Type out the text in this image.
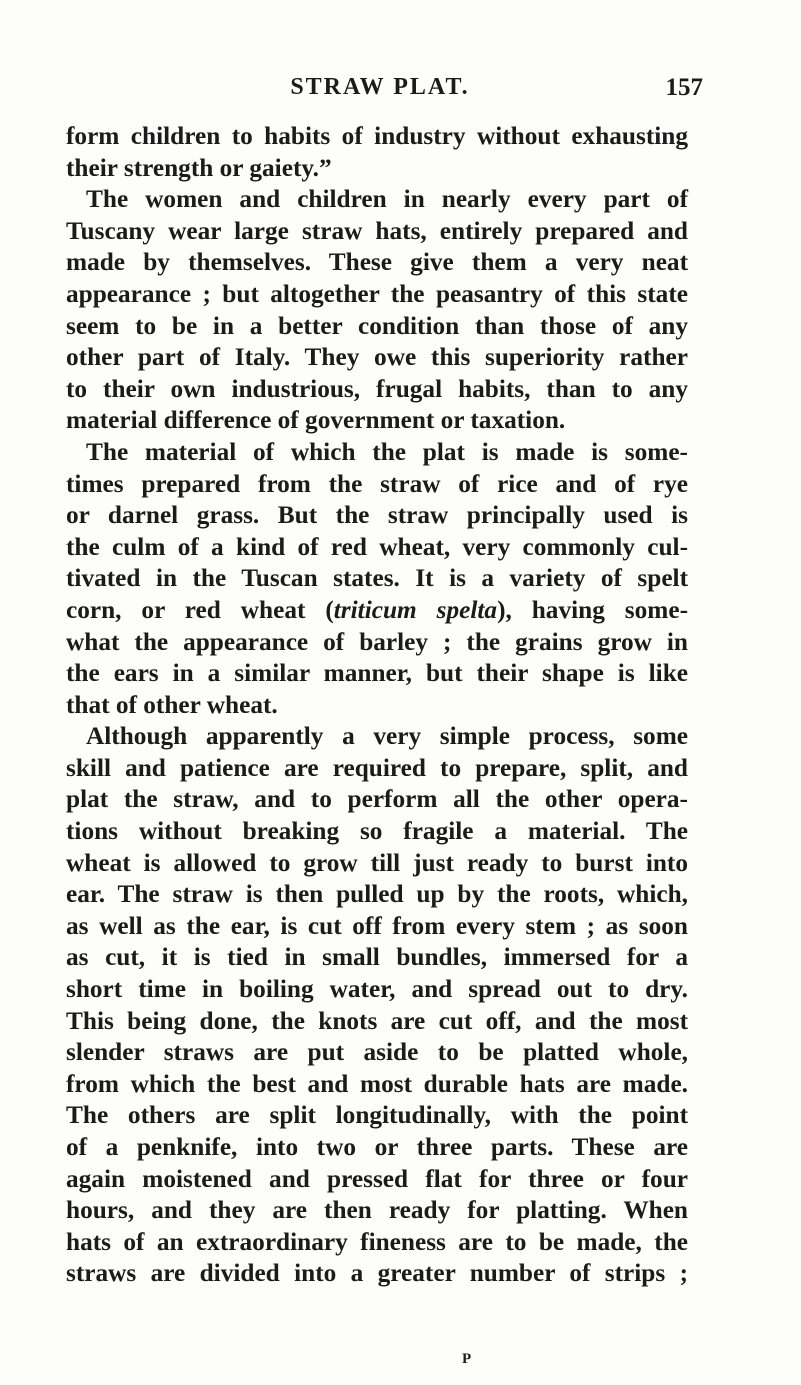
STRAW PLAT.	157
form children to habits of industry without exhausting
their strength or gaiety.”
The women and children in nearly every part of
Tuscany wear large straw hats, entirely prepared and
made by themselves. These give them a very neat
appearance ; but altogether the peasantry of this state
seem to be in a better condition than those of any
other part of Italy. They owe this superiority rather
to their own industrious, frugal habits, than to any
material difference of government or taxation.
The material of which the plat is made is some-
times prepared from the straw of rice and of rye
or darnel grass. But the straw principally used is
the culm of a kind of red wheat, very commonly cul-
tivated in the Tuscan states. It is a variety of spelt
corn, or red wheat (triticum spelta), having some-
what the appearance of barley ; the grains grow in
the ears in a similar manner, but their shape is like
that of other wheat.
Although apparently a very simple process, some
skill and patience are required to prepare, split, and
plat the straw, and to perform all the other opera-
tions without breaking so fragile a material. The
wheat is allowed to grow till just ready to burst into
ear. The straw is then pulled up by the roots, which,
as well as the ear, is cut off from every stem ; as soon
as cut, it is tied in small bundles, immersed for a
short time in boiling water, and spread out to dry.
This being done, the knots are cut off, and the most
slender straws are put aside to be platted whole,
from which the best and most durable hats are made.
The others are split longitudinally, with the point
of a penknife, into two or three parts. These are
again moistened and pressed flat for three or four
hours, and they are then ready for platting. When
hats of an extraordinary fineness are to be made, the
straws are divided into a greater number of strips ;
P
